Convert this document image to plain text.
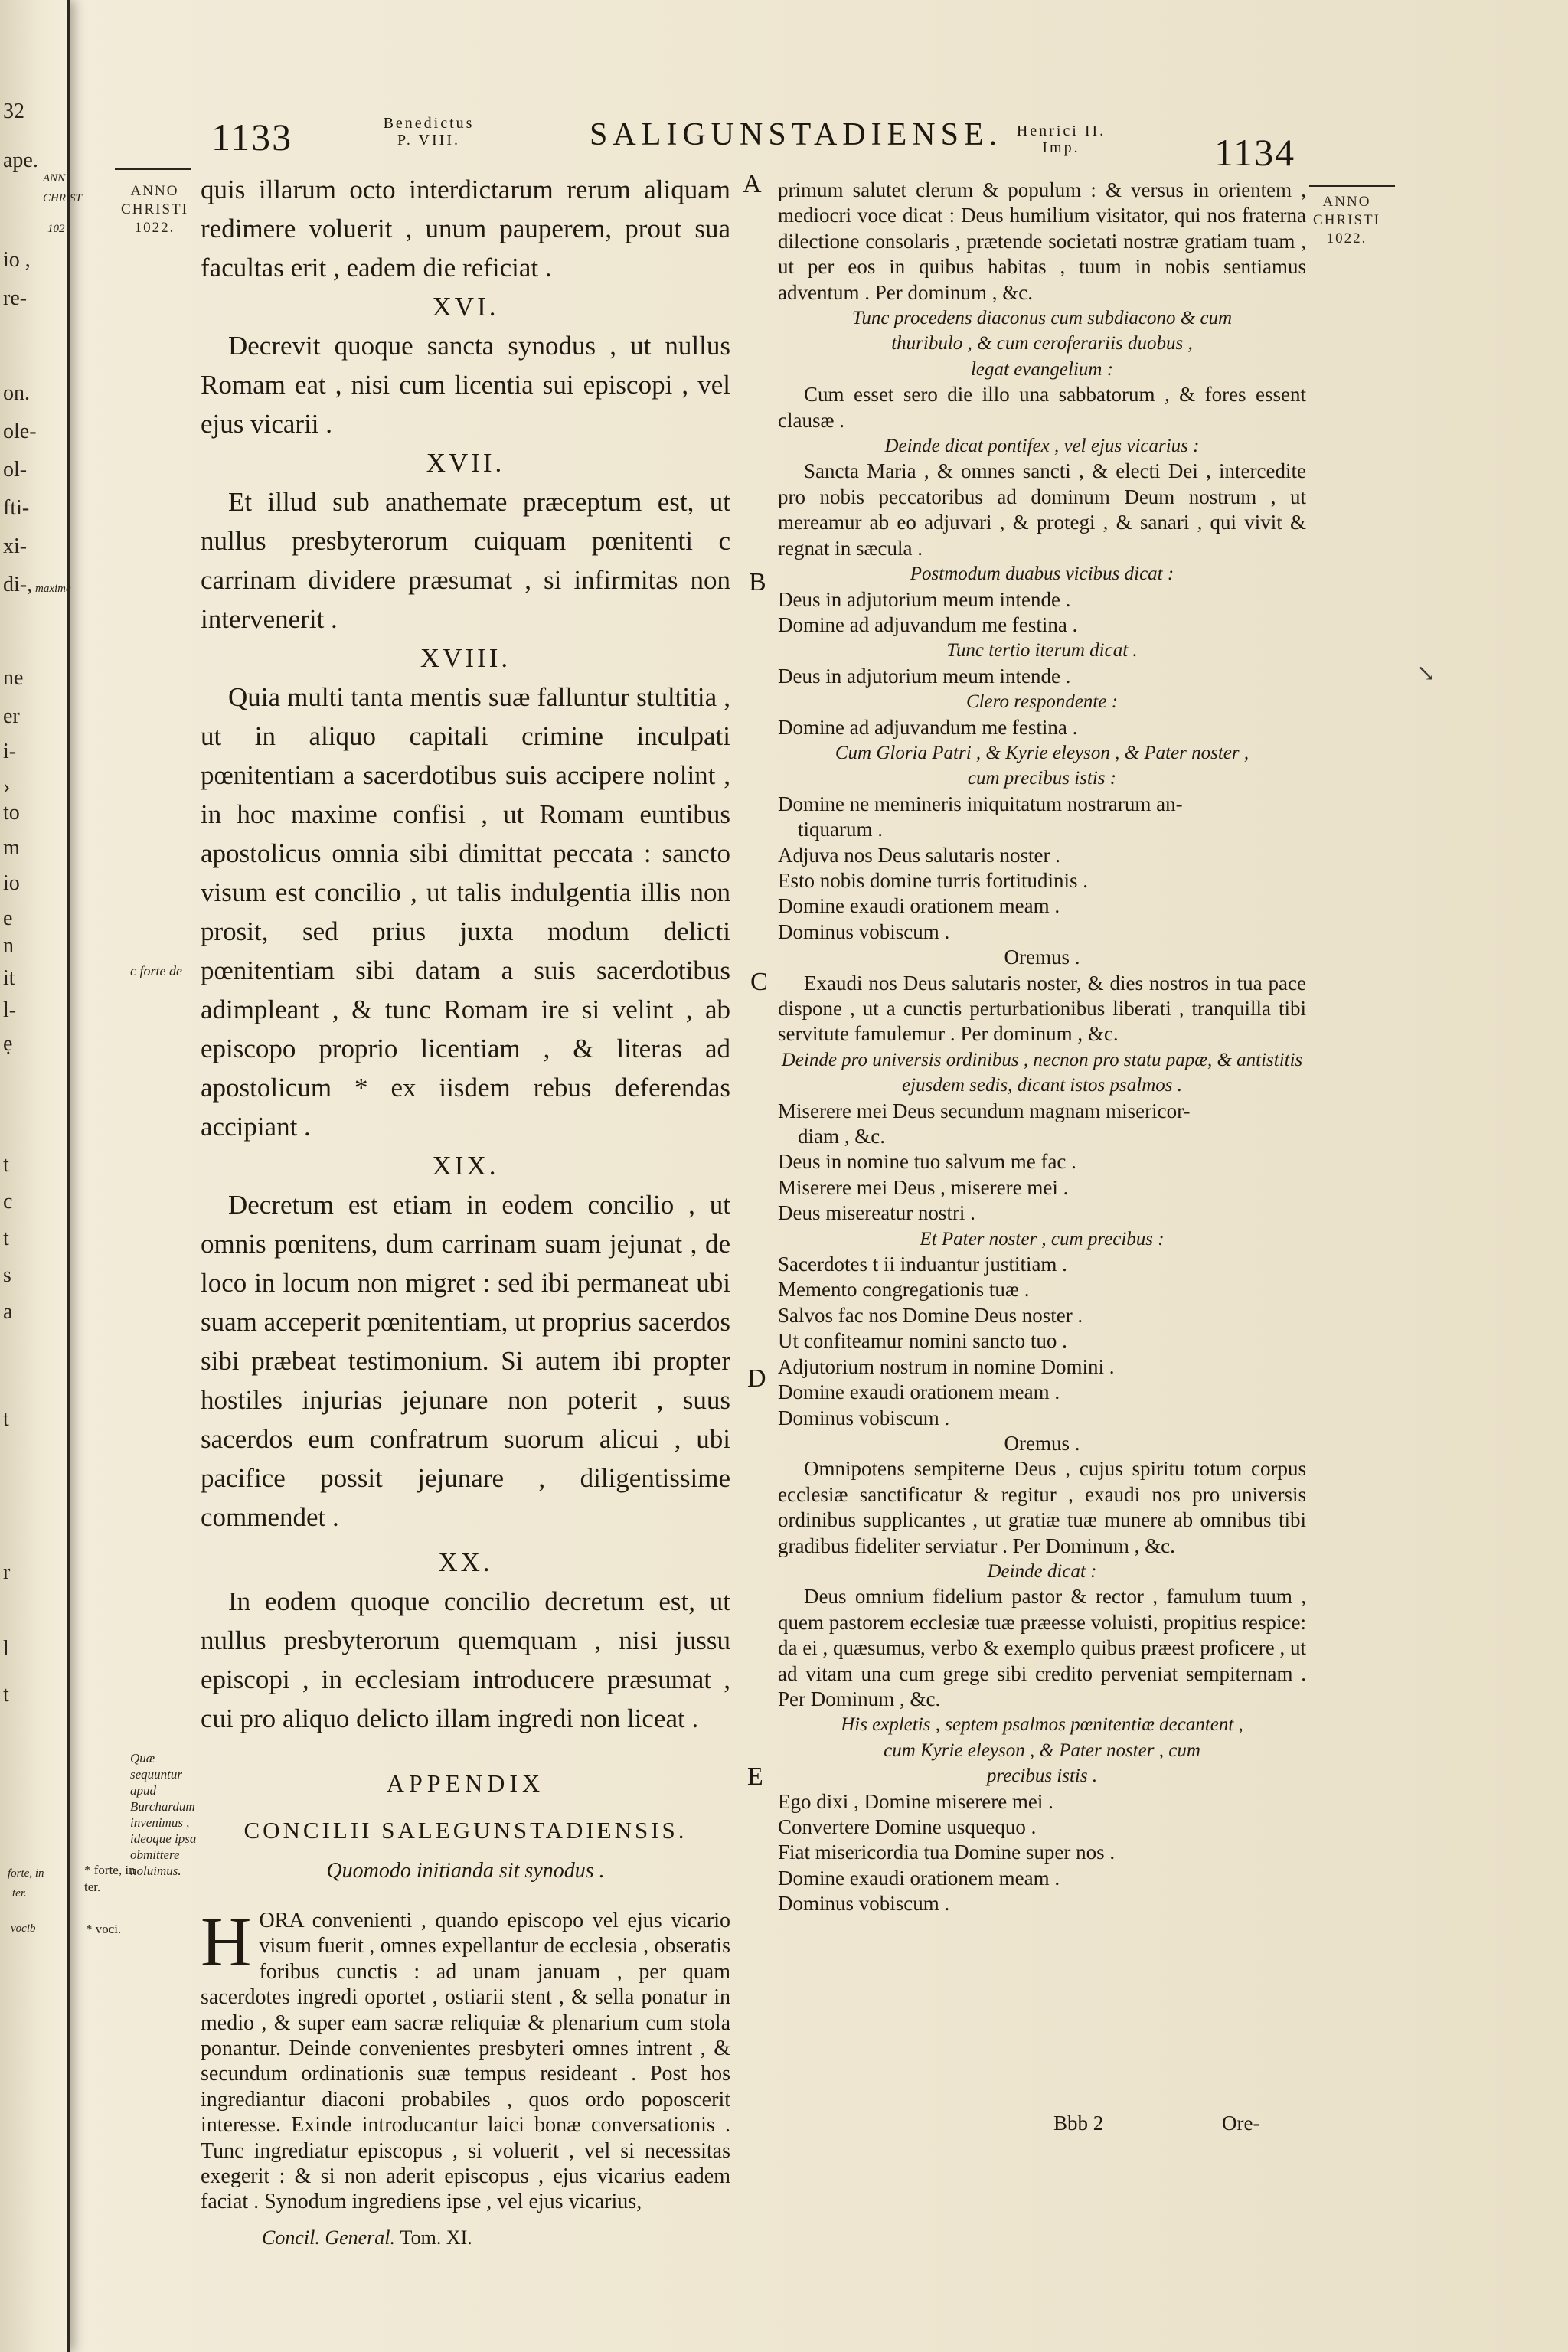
32
ape.
ANN
CHRIST
102
io ,
re-
on.
ole-
ol-
fti-
xi-
di-, maxime
ne
er
i-
›
to
m
io
e
n
it
l-
ẹ
t
c
t
s
a
t
r
l
t
forte, in
ter.
vocib
1133	Benedictus
P. VIII.	SALIGUNSTADIENSE. Henrici II.
Imp.	1134
ANNO
CHRISTI
1022.
c forte de
Quæ sequuntur apud Burchardum invenimus , ideoque ipsa obmittere noluimus.
* forte, in ter.
* voci.
ANNO
CHRISTI
1022.
A
B
C
D
E

quis illarum octo interdictarum rerum aliquam redimere voluerit , unum pauperem, prout sua facultas erit , eadem die reficiat .

XVI.

Decrevit quoque sancta synodus , ut nullus Romam eat , nisi cum licentia sui episcopi , vel ejus vicarii .

XVII.

Et illud sub anathemate præceptum est, ut nullus presbyterorum cuiquam pœnitenti c carrinam dividere præsumat , si infirmitas non intervenerit .

XVIII.

Quia multi tanta mentis suæ falluntur stultitia , ut in aliquo capitali crimine inculpati pœnitentiam a sacerdotibus suis accipere nolint , in hoc maxime confisi , ut Romam euntibus apostolicus omnia sibi dimittat peccata : sancto visum est concilio , ut talis indulgentia illis non prosit, sed prius juxta modum delicti pœnitentiam sibi datam a suis sacerdotibus adimpleant , & tunc Romam ire si velint , ab episcopo proprio licentiam , & literas ad apostolicum * ex iisdem rebus deferendas accipiant .

XIX.

Decretum est etiam in eodem concilio , ut omnis pœnitens, dum carrinam suam jejunat , de loco in locum non migret : sed ibi permaneat ubi suam acceperit pœnitentiam, ut proprius sacerdos sibi præbeat testimonium. Si autem ibi propter hostiles injurias jejunare non poterit , suus sacerdos eum confratrum suorum alicui , ubi pacifice possit jejunare , diligentissime commendet .

XX.

In eodem quoque concilio decretum est, ut nullus presbyterorum quemquam , nisi jussu episcopi , in ecclesiam introducere præsumat , cui pro aliquo delicto illam ingredi non liceat .

APPENDIX

CONCILII SALEGUNSTADIENSIS.

Quomodo initianda sit synodus .

HORA convenienti , quando episcopo vel ejus vicario visum fuerit , omnes expellantur de ecclesia , obseratis foribus cunctis : ad unam januam , per quam sacerdotes ingredi oportet , ostiarii stent , & sella ponatur in medio , & super eam sacræ reliquiæ & plenarium cum stola ponantur. Deinde convenientes presbyteri omnes intrent , & secundum ordinationis suæ tempus resideant . Post hos ingrediantur diaconi probabiles , quos ordo poposcerit interesse. Exinde introducantur laici bonæ conversationis . Tunc ingrediatur episcopus , si voluerit , vel si necessitas exegerit : & si non aderit episcopus , ejus vicarius eadem faciat . Synodum ingrediens ipse , vel ejus vicarius,

Concil. General. Tom. XI.

primum salutet clerum & populum : & versus in orientem , mediocri voce dicat : Deus humilium visitator, qui nos fraterna dilectione consolaris , prætende societati nostræ gratiam tuam , ut per eos in quibus habitas , tuum in nobis sentiamus adventum . Per dominum , &c.

Tunc procedens diaconus cum subdiacono & cum

thuribulo , & cum ceroferariis duobus ,

legat evangelium :

Cum esset sero die illo una sabbatorum , & fores essent clausæ .

Deinde dicat pontifex , vel ejus vicarius :

Sancta Maria , & omnes sancti , & electi Dei , intercedite pro nobis peccatoribus ad dominum Deum nostrum , ut mereamur ab eo adjuvari , & protegi , & sanari , qui vivit & regnat in sæcula .

Postmodum duabus vicibus dicat :

Deus in adjutorium meum intende .

Domine ad adjuvandum me festina .

Tunc tertio iterum dicat .

Deus in adjutorium meum intende .

Clero respondente :

Domine ad adjuvandum me festina .

Cum Gloria Patri , & Kyrie eleyson , & Pater noster ,

cum precibus istis :

Domine ne memineris iniquitatum nostrarum an-

tiquarum .

Adjuva nos Deus salutaris noster .

Esto nobis domine turris fortitudinis .

Domine exaudi orationem meam .

Dominus vobiscum .

Oremus .

Exaudi nos Deus salutaris noster, & dies nostros in tua pace dispone , ut a cunctis perturbationibus liberati , tranquilla tibi servitute famulemur . Per dominum , &c.

Deinde pro universis ordinibus , necnon pro statu papæ, & antistitis ejusdem sedis, dicant istos psalmos .

Miserere mei Deus secundum magnam misericor-

diam , &c.

Deus in nomine tuo salvum me fac .

Miserere mei Deus , miserere mei .

Deus misereatur nostri .

Et Pater noster , cum precibus :

Sacerdotes t ii induantur justitiam .

Memento congregationis tuæ .

Salvos fac nos Domine Deus noster .

Ut confiteamur nomini sancto tuo .

Adjutorium nostrum in nomine Domini .

Domine exaudi orationem meam .

Dominus vobiscum .

Oremus .

Omnipotens sempiterne Deus , cujus spiritu totum corpus ecclesiæ sanctificatur & regitur , exaudi nos pro universis ordinibus supplicantes , ut gratiæ tuæ munere ab omnibus tibi gradibus fideliter serviatur . Per Dominum , &c.

Deinde dicat :

Deus omnium fidelium pastor & rector , famulum tuum , quem pastorem ecclesiæ tuæ præesse voluisti, propitius respice: da ei , quæsumus, verbo & exemplo quibus præest proficere , ut ad vitam una cum grege sibi credito perveniat sempiternam . Per Dominum , &c.

His expletis , septem psalmos pœnitentiæ decantent ,

cum Kyrie eleyson , & Pater noster , cum

precibus istis .

Ego dixi , Domine miserere mei .

Convertere Domine usquequo .

Fiat misericordia tua Domine super nos .

Domine exaudi orationem meam .

Dominus vobiscum .

Bbb 2	Ore-
↘
